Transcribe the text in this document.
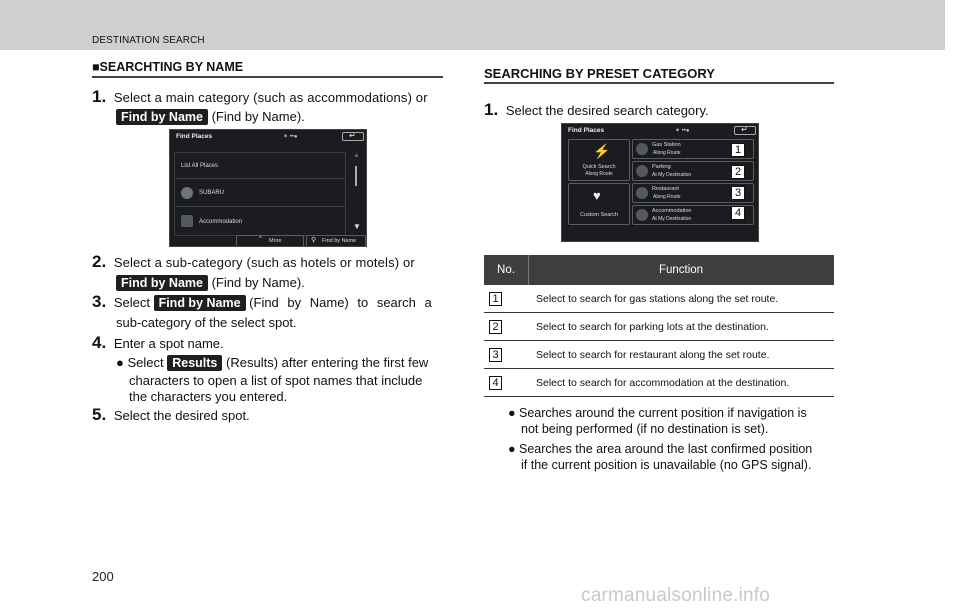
DESTINATION SEARCH
■SEARCHTING BY NAME
1. Select a main category (such as accommodations) or
Find by Name (Find by Name).
Find Places	✶ ••●
↵
List All Places
SUBARU
Accommodation
▲
▼
^ More	⚲ Find by Name
2. Select a sub-category (such as hotels or motels) or
Find by Name (Find by Name).
3. Select Find by Name (Find by Name) to search a
sub-category of the select spot.
4. Enter a spot name.
● Select Results (Results) after entering the first few
characters to open a list of spot names that include
the characters you entered.
5. Select the desired spot.
SEARCHING BY PRESET CATEGORY
1. Select the desired search category.
Find Places	✶ ••●
↵
⚡
Quick Search
Along Route
♥
Custom Search
Gas Station
Along Route
Parking
At My Destination
Restaurant
Along Route
Accommodation
At My Destination
1
2
3
4
No.	Function
1	Select to search for gas stations along the set route.
2	Select to search for parking lots at the destination.
3	Select to search for restaurant along the set route.
4	Select to search for accommodation at the destination.
● Searches around the current position if navigation is
not being performed (if no destination is set).
● Searches the area around the last confirmed position
if the current position is unavailable (no GPS signal).
200
carmanualsonline.info
